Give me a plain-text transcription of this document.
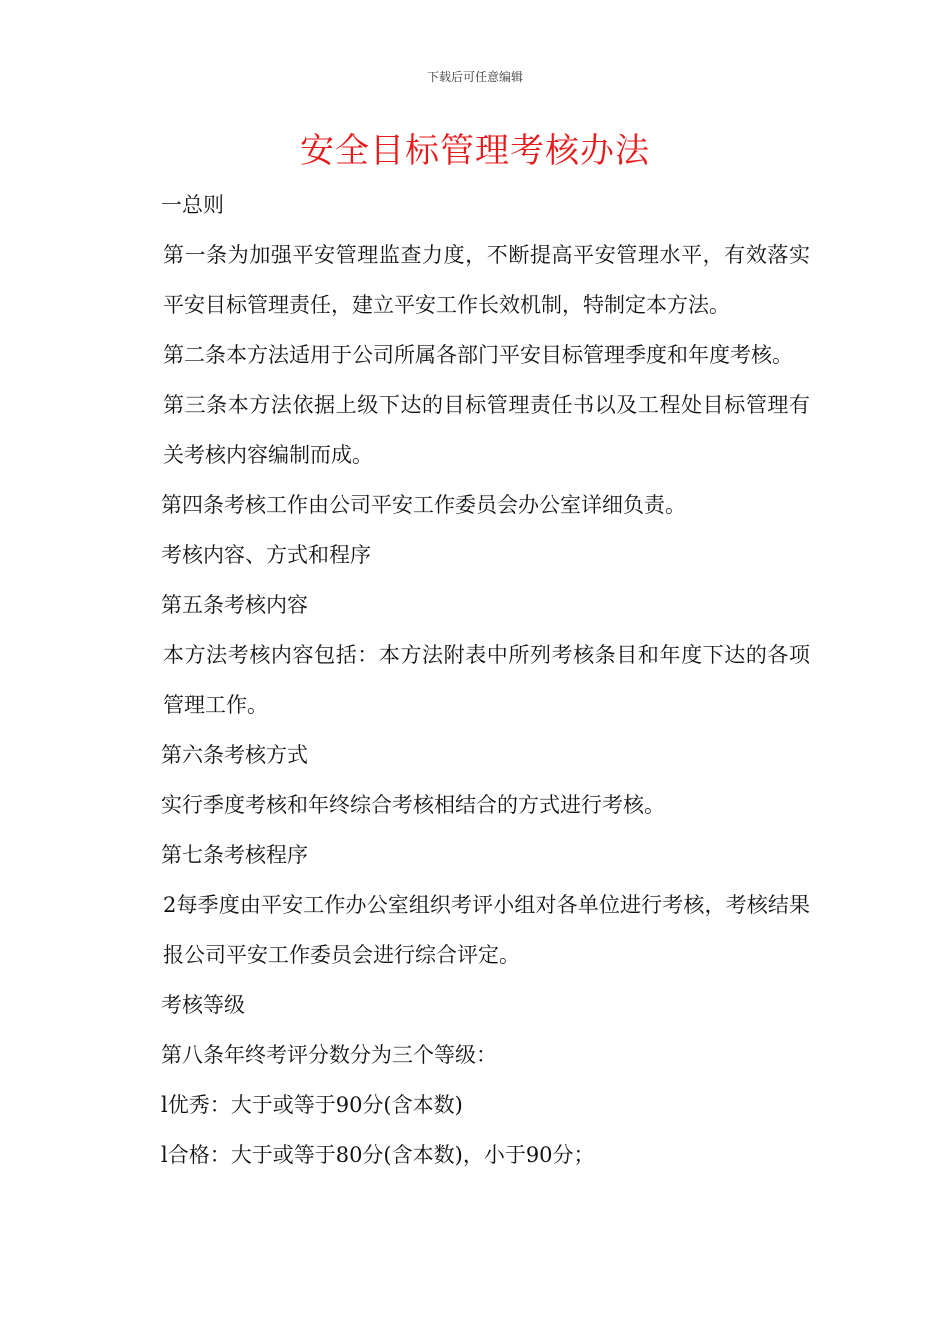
下载后可任意编辑
安全目标管理考核办法

一总则

第一条为加强平安管理监查力度，不断提高平安管理水平，有效落实平安目标管理责任，建立平安工作长效机制，特制定本方法。

第二条本方法适用于公司所属各部门平安目标管理季度和年度考核。

第三条本方法依据上级下达的目标管理责任书以及工程处目标管理有关考核内容编制而成。

第四条考核工作由公司平安工作委员会办公室详细负责。

考核内容、方式和程序

第五条考核内容

本方法考核内容包括：本方法附表中所列考核条目和年度下达的各项管理工作。

第六条考核方式

实行季度考核和年终综合考核相结合的方式进行考核。

第七条考核程序

2每季度由平安工作办公室组织考评小组对各单位进行考核，考核结果报公司平安工作委员会进行综合评定。

考核等级

第八条年终考评分数分为三个等级：

l优秀：大于或等于90分(含本数)

l合格：大于或等于80分(含本数)，小于90分；
